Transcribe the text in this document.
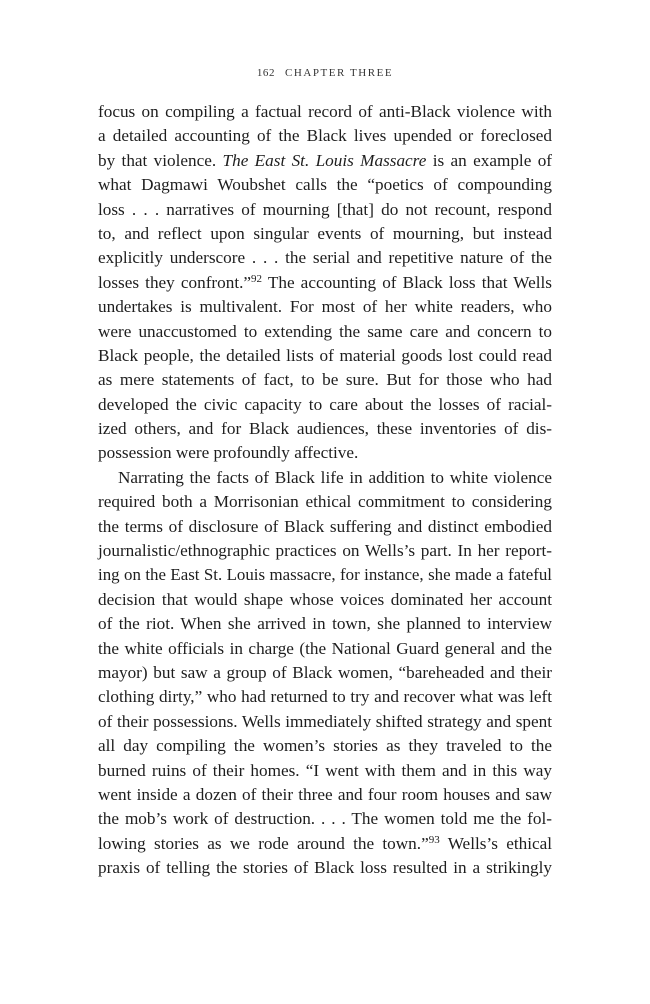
162 CHAPTER THREE
focus on compiling a factual record of anti-Black violence with
a detailed accounting of the Black lives upended or foreclosed
by that violence. The East St. Louis Massacre is an example of
what Dagmawi Woubshet calls the “poetics of compounding
loss . . . narratives of mourning [that] do not recount, respond
to, and reflect upon singular events of mourning, but instead
explicitly underscore . . . the serial and repetitive nature of the
losses they confront.”$^{92}$ The accounting of Black loss that Wells
undertakes is multivalent. For most of her white readers, who
were unaccustomed to extending the same care and concern to
Black people, the detailed lists of material goods lost could read
as mere statements of fact, to be sure. But for those who had
developed the civic capacity to care about the losses of racial-
ized others, and for Black audiences, these inventories of dis-
possession were profoundly affective.
Narrating the facts of Black life in addition to white violence
required both a Morrisonian ethical commitment to considering
the terms of disclosure of Black suffering and distinct embodied
journalistic/ethnographic practices on Wells’s part. In her report-
ing on the East St. Louis massacre, for instance, she made a fateful
decision that would shape whose voices dominated her account
of the riot. When she arrived in town, she planned to interview
the white officials in charge (the National Guard general and the
mayor) but saw a group of Black women, “bareheaded and their
clothing dirty,” who had returned to try and recover what was left
of their possessions. Wells immediately shifted strategy and spent
all day compiling the women’s stories as they traveled to the
burned ruins of their homes. “I went with them and in this way
went inside a dozen of their three and four room houses and saw
the mob’s work of destruction. . . . The women told me the fol-
lowing stories as we rode around the town.”$^{93}$ Wells’s ethical
praxis of telling the stories of Black loss resulted in a strikingly
